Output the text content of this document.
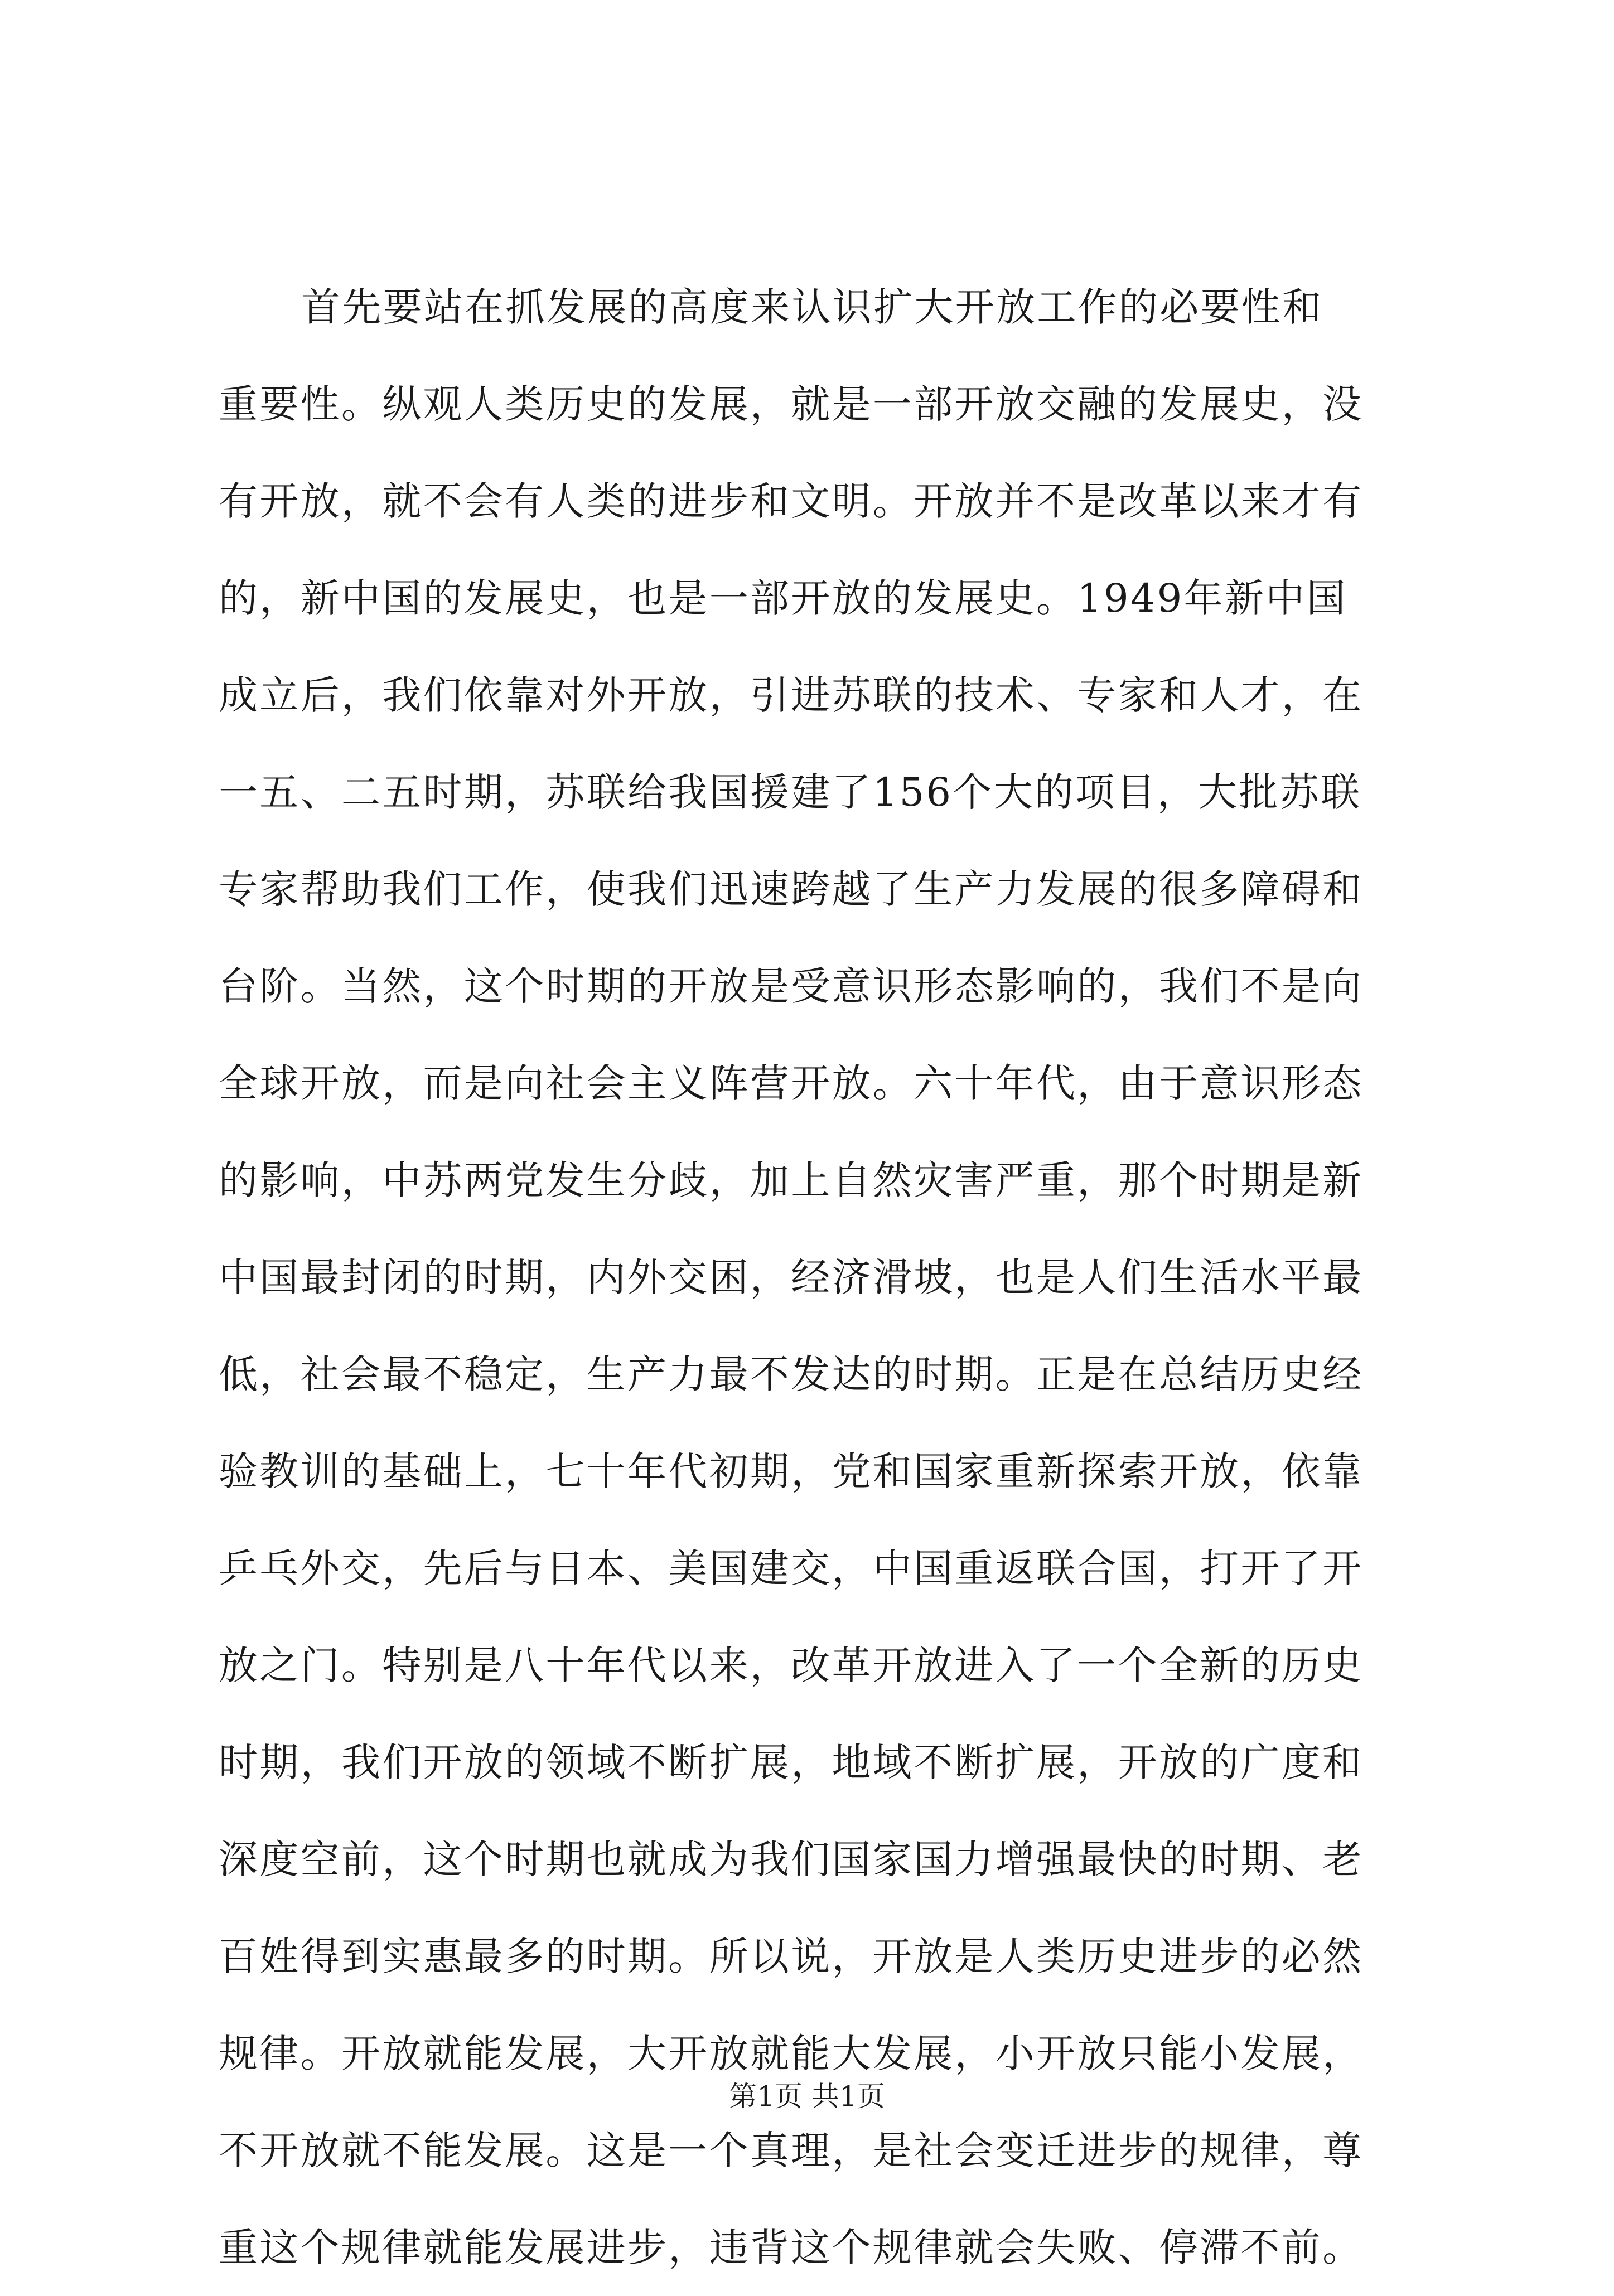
首先要站在抓发展的高度来认识扩大开放工作的必要性和
重要性。纵观人类历史的发展，就是一部开放交融的发展史，没
有开放，就不会有人类的进步和文明。开放并不是改革以来才有
的，新中国的发展史，也是一部开放的发展史。1949年新中国
成立后，我们依靠对外开放，引进苏联的技术、专家和人才，在
一五、二五时期，苏联给我国援建了156个大的项目，大批苏联
专家帮助我们工作，使我们迅速跨越了生产力发展的很多障碍和
台阶。当然，这个时期的开放是受意识形态影响的，我们不是向
全球开放，而是向社会主义阵营开放。六十年代，由于意识形态
的影响，中苏两党发生分歧，加上自然灾害严重，那个时期是新
中国最封闭的时期，内外交困，经济滑坡，也是人们生活水平最
低，社会最不稳定，生产力最不发达的时期。正是在总结历史经
验教训的基础上，七十年代初期，党和国家重新探索开放，依靠
乒乓外交，先后与日本、美国建交，中国重返联合国，打开了开
放之门。特别是八十年代以来，改革开放进入了一个全新的历史
时期，我们开放的领域不断扩展，地域不断扩展，开放的广度和
深度空前，这个时期也就成为我们国家国力增强最快的时期、老
百姓得到实惠最多的时期。所以说，开放是人类历史进步的必然
规律。开放就能发展，大开放就能大发展，小开放只能小发展，
不开放就不能发展。这是一个真理，是社会变迁进步的规律，尊
重这个规律就能发展进步，违背这个规律就会失败、停滞不前。
第1页 共1页
